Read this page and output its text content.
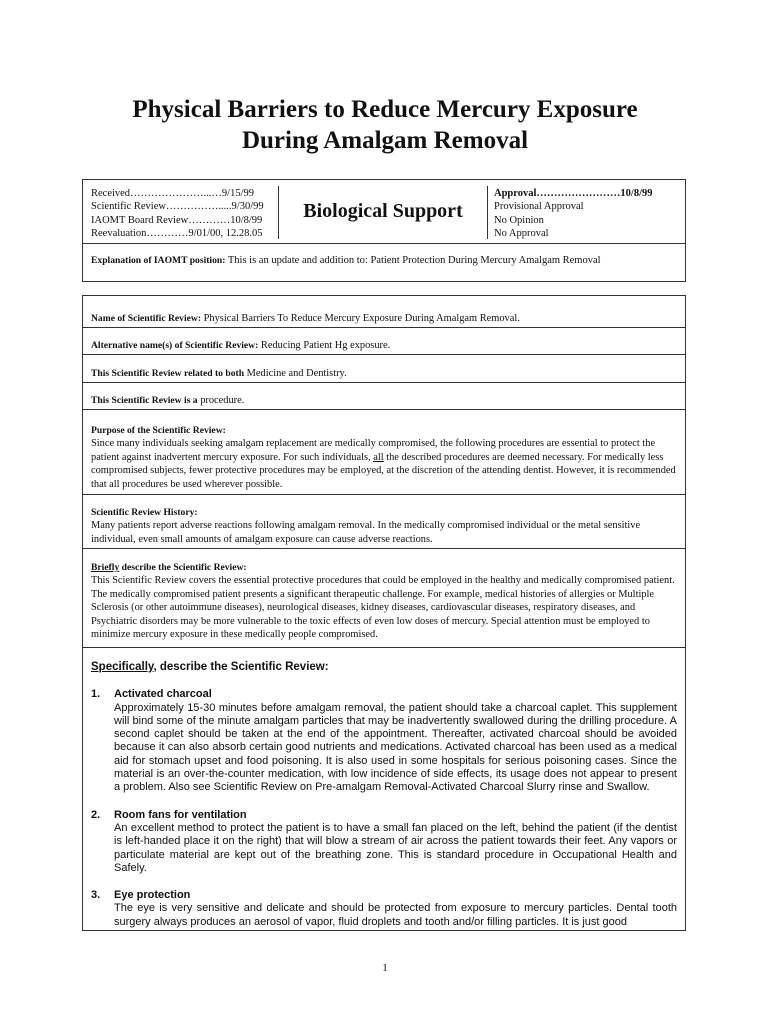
Physical Barriers to Reduce Mercury Exposure
During Amalgam Removal
Received…………………...…9/15/99
Scientific Review…………….....9/30/99
IAOMT Board Review…………10/8/99
Reevaluation…………9/01/00, 12.28.05
Biological Support
Approval……………………10/8/99
Provisional Approval
No Opinion
No Approval
Explanation of IAOMT position: This is an update and addition to: Patient Protection During Mercury Amalgam Removal
Name of Scientific Review: Physical Barriers To Reduce Mercury Exposure During Amalgam Removal.
Alternative name(s) of Scientific Review: Reducing Patient Hg exposure.
This Scientific Review related to both Medicine and Dentistry.
This Scientific Review is a procedure.
Purpose of the Scientific Review:
Since many individuals seeking amalgam replacement are medically compromised, the following procedures are essential to protect the patient against inadvertent mercury exposure. For such individuals, all the described procedures are deemed necessary. For medically less compromised subjects, fewer protective procedures may be employed, at the discretion of the attending dentist. However, it is recommended that all procedures be used wherever possible.
Scientific Review History:
Many patients report adverse reactions following amalgam removal. In the medically compromised individual or the metal sensitive individual, even small amounts of amalgam exposure can cause adverse reactions.
Briefly describe the Scientific Review:
This Scientific Review covers the essential protective procedures that could be employed in the healthy and medically compromised patient. The medically compromised patient presents a significant therapeutic challenge. For example, medical histories of allergies or Multiple Sclerosis (or other autoimmune diseases), neurological diseases, kidney diseases, cardiovascular diseases, respiratory diseases, and Psychiatric disorders may be more vulnerable to the toxic effects of even low doses of mercury. Special attention must be employed to minimize mercury exposure in these medically people compromised.
Specifically, describe the Scientific Review:
1. Activated charcoal
Approximately 15-30 minutes before amalgam removal, the patient should take a charcoal caplet. This supplement will bind some of the minute amalgam particles that may be inadvertently swallowed during the drilling procedure. A second caplet should be taken at the end of the appointment. Thereafter, activated charcoal should be avoided because it can also absorb certain good nutrients and medications. Activated charcoal has been used as a medical aid for stomach upset and food poisoning. It is also used in some hospitals for serious poisoning cases. Since the material is an over-the-counter medication, with low incidence of side effects, its usage does not appear to present a problem. Also see Scientific Review on Pre-amalgam Removal-Activated Charcoal Slurry rinse and Swallow.
2. Room fans for ventilation
An excellent method to protect the patient is to have a small fan placed on the left, behind the patient (if the dentist is left-handed place it on the right) that will blow a stream of air across the patient towards their feet. Any vapors or particulate material are kept out of the breathing zone. This is standard procedure in Occupational Health and Safely.
3. Eye protection
The eye is very sensitive and delicate and should be protected from exposure to mercury particles. Dental tooth surgery always produces an aerosol of vapor, fluid droplets and tooth and/or filling particles. It is just good
1
